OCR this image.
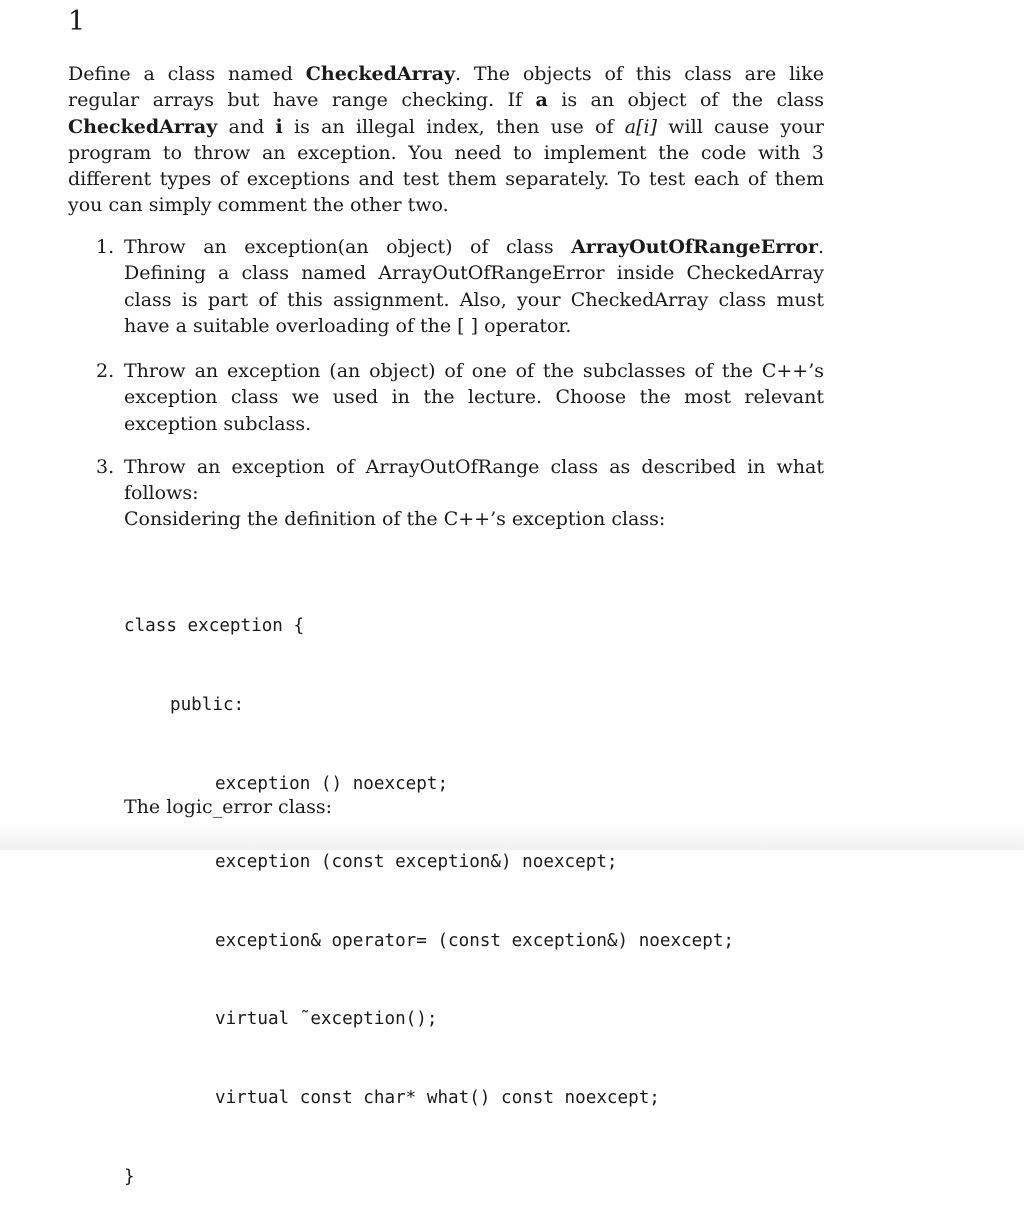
1
Define a class named CheckedArray. The objects of this class are like regular arrays but have range checking. If a is an object of the class CheckedArray and i is an illegal index, then use of a[i] will cause your program to throw an exception. You need to implement the code with 3 different types of exceptions and test them separately. To test each of them you can simply comment the other two.
1. Throw an exception(an object) of class ArrayOutOfRangeError. Defining a class named ArrayOutOfRangeError inside CheckedArray class is part of this assignment. Also, your CheckedArray class must have a suitable overloading of the [ ] operator.
2. Throw an exception (an object) of one of the subclasses of the C++’s exception class we used in the lecture. Choose the most relevant exception subclass.
3. Throw an exception of ArrayOutOfRange class as described in what follows:
Considering the definition of the C++’s exception class:

class exception {

public:

exception () noexcept;

exception (const exception&) noexcept;

exception& operator= (const exception&) noexcept;

virtual ˜exception();

virtual const char* what() const noexcept;

}

The logic_error class:
